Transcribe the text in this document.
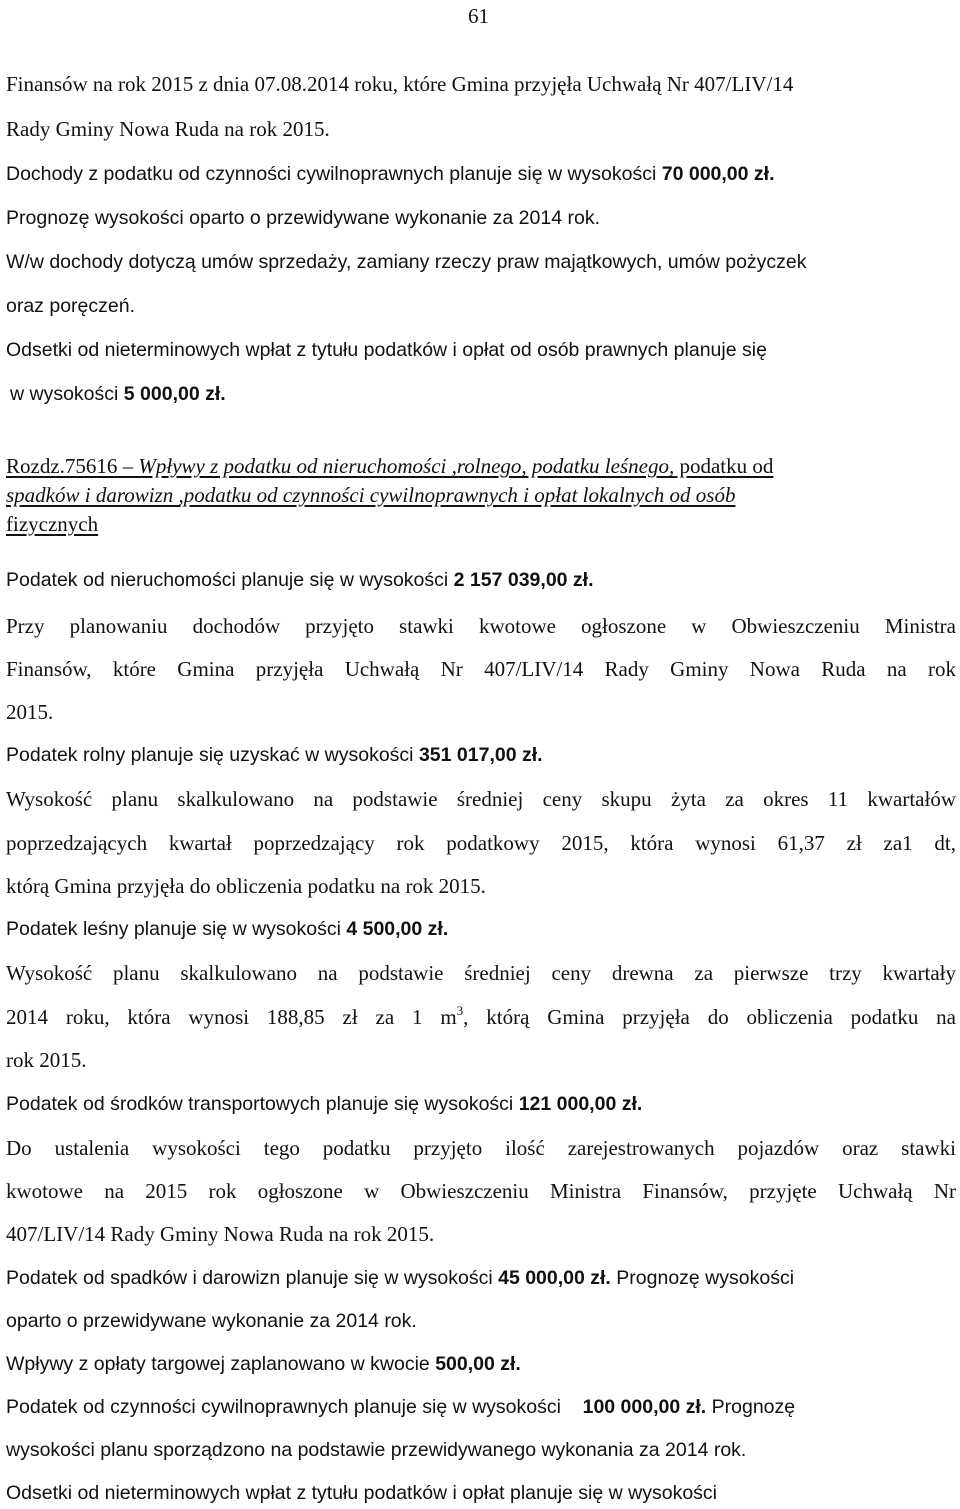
61
Finansów na rok 2015 z dnia 07.08.2014 roku, które Gmina przyjęła Uchwałą Nr 407/LIV/14
Rady Gminy Nowa Ruda na rok 2015.
Dochody z podatku od czynności cywilnoprawnych planuje się w wysokości 70 000,00 zł.
Prognozę wysokości oparto o przewidywane wykonanie za 2014 rok.
W/w dochody dotyczą umów sprzedaży, zamiany rzeczy praw majątkowych, umów pożyczek
oraz poręczeń.
Odsetki od nieterminowych wpłat z tytułu podatków i opłat od osób prawnych planuje się
w wysokości 5 000,00 zł.
Rozdz.75616 – Wpływy z podatku od nieruchomości ,rolnego, podatku leśnego, podatku od
spadków i darowizn ,podatku od czynności cywilnoprawnych i opłat lokalnych od osób
fizycznych
Podatek od nieruchomości planuje się w wysokości 2 157 039,00 zł.
Przy planowaniu dochodów przyjęto stawki kwotowe ogłoszone w Obwieszczeniu Ministra
Finansów, które Gmina przyjęła Uchwałą Nr 407/LIV/14 Rady Gminy Nowa Ruda na rok
2015.
Podatek rolny planuje się uzyskać w wysokości 351 017,00 zł.
Wysokość planu skalkulowano na podstawie średniej ceny skupu żyta za okres 11 kwartałów
poprzedzających kwartał poprzedzający rok podatkowy 2015, która wynosi 61,37 zł za1 dt,
którą Gmina przyjęła do obliczenia podatku na rok 2015.
Podatek leśny planuje się w wysokości 4 500,00 zł.
Wysokość planu skalkulowano na podstawie średniej ceny drewna za pierwsze trzy kwartały
2014 roku, która wynosi 188,85 zł za 1 $m^3$, którą Gmina przyjęła do obliczenia podatku na
rok 2015.
Podatek od środków transportowych planuje się wysokości 121 000,00 zł.
Do ustalenia wysokości tego podatku przyjęto ilość zarejestrowanych pojazdów oraz stawki
kwotowe na 2015 rok ogłoszone w Obwieszczeniu Ministra Finansów, przyjęte Uchwałą Nr
407/LIV/14 Rady Gminy Nowa Ruda na rok 2015.
Podatek od spadków i darowizn planuje się w wysokości 45 000,00 zł. Prognozę wysokości
oparto o przewidywane wykonanie za 2014 rok.
Wpływy z opłaty targowej zaplanowano w kwocie 500,00 zł.
Podatek od czynności cywilnoprawnych planuje się w wysokości 100 000,00 zł. Prognozę
wysokości planu sporządzono na podstawie przewidywanego wykonania za 2014 rok.
Odsetki od nieterminowych wpłat z tytułu podatków i opłat planuje się w wysokości
